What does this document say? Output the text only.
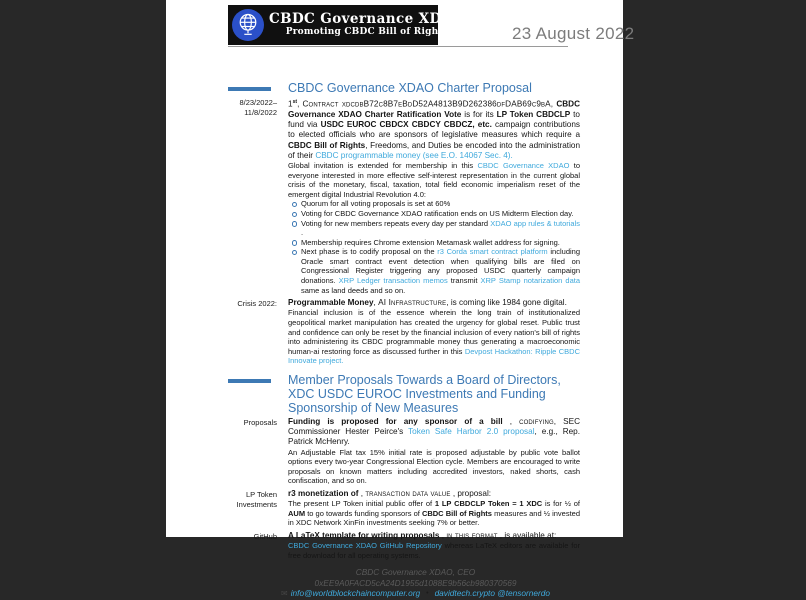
CBDC Governance XDAO
Promoting CBDC Bill of Rights	23 August 2022
CBDC Governance XDAO Charter Proposal
8/23/2022–
11/8/2022

1st, Contract xdcdbB72c8B7eBdD52A4813B9D262386dfDAB69c9bA, CBDC Governance XDAO Charter Ratification Vote is for its LP Token CBDCLP to fund via USDC EUROC CBDCX CBDCY CBDCZ, etc. campaign contributions to elected officials who are sponsors of legislative measures which require a CBDC Bill of Rights, Freedoms, and Duties be encoded into the administration of their CBDC programmable money (see E.O. 14067 Sec. 4).

Global invitation is extended for membership in this CBDC Governance XDAO to everyone interested in more effective self-interest representation in the current global crisis of the monetary, fiscal, taxation, total field economic imperialism reset of the emergent digital Industrial Revolution 4.0:

Quorum for all voting proposals is set at 60%
Voting for CBDC Governance XDAO ratification ends on US Midterm Election day.
Voting for new members repeats every day per standard XDAO app rules & tutorials .
Membership requires Chrome extension Metamask wallet address for signing.
Next phase is to codify proposal on the r3 Corda smart contract platform including Oracle smart contract event detection when qualifying bills are filed on Congressional Register triggering any proposed USDC quarterly campaign donations. XRP Ledger transaction memos transmit XRP Stamp notarization data same as land deeds and so on.
Crisis 2022: Programmable Money, AI Infrastructure, is coming like 1984 gone digital.

Financial inclusion is of the essence wherein the long train of institutionalized geopolitical market manipulation has created the urgency for global reset. Public trust and confidence can only be reset by the financial inclusion of every nation's bill of rights into administering its CBDC programmable money thus generating a macroeconomic human-ai restoring force as discussed further in this Devpost Hackathon: Ripple CBDC Innovate project.

Member Proposals Towards a Board of Directors, XDC USDC EUROC Investments and Funding Sponsorship of New Measures
Proposals Funding is proposed for any sponsor of a bill , codifying, SEC Commissioner Hester Peirce's Token Safe Harbor 2.0 proposal, e.g., Rep. Patrick McHenry.

An Adjustable Flat tax 15% initial rate is proposed adjustable by public vote ballot options every two-year Congressional Election cycle. Members are encouraged to write proposals on known matters including accredited investors, naked shorts, cash confiscation, and so on.

LP Token
Investments

r3 monetization of , transaction data value , proposal:

The present LP Token initial public offer of 1 LP CBDCLP Token = 1 XDC is for ½ of AUM to go towards funding sponsors of CBDC Bill of Rights measures and ½ invested in XDC Network XinFin investments seeking 7% or better.

GitHub A LaTeX template for writing proposals , in this format , is available at:

CBDC Governance XDAO GitHub Repository whereas LaTeX editors are available for free download for all operating systems.

CBDC Governance XDAO, CEO
0xEE9A0FACD5cA24D1955d1088E9b56cb980370569
✉ info@worldblockchaincomputer.org • davidtech.crypto @tensornerdo
